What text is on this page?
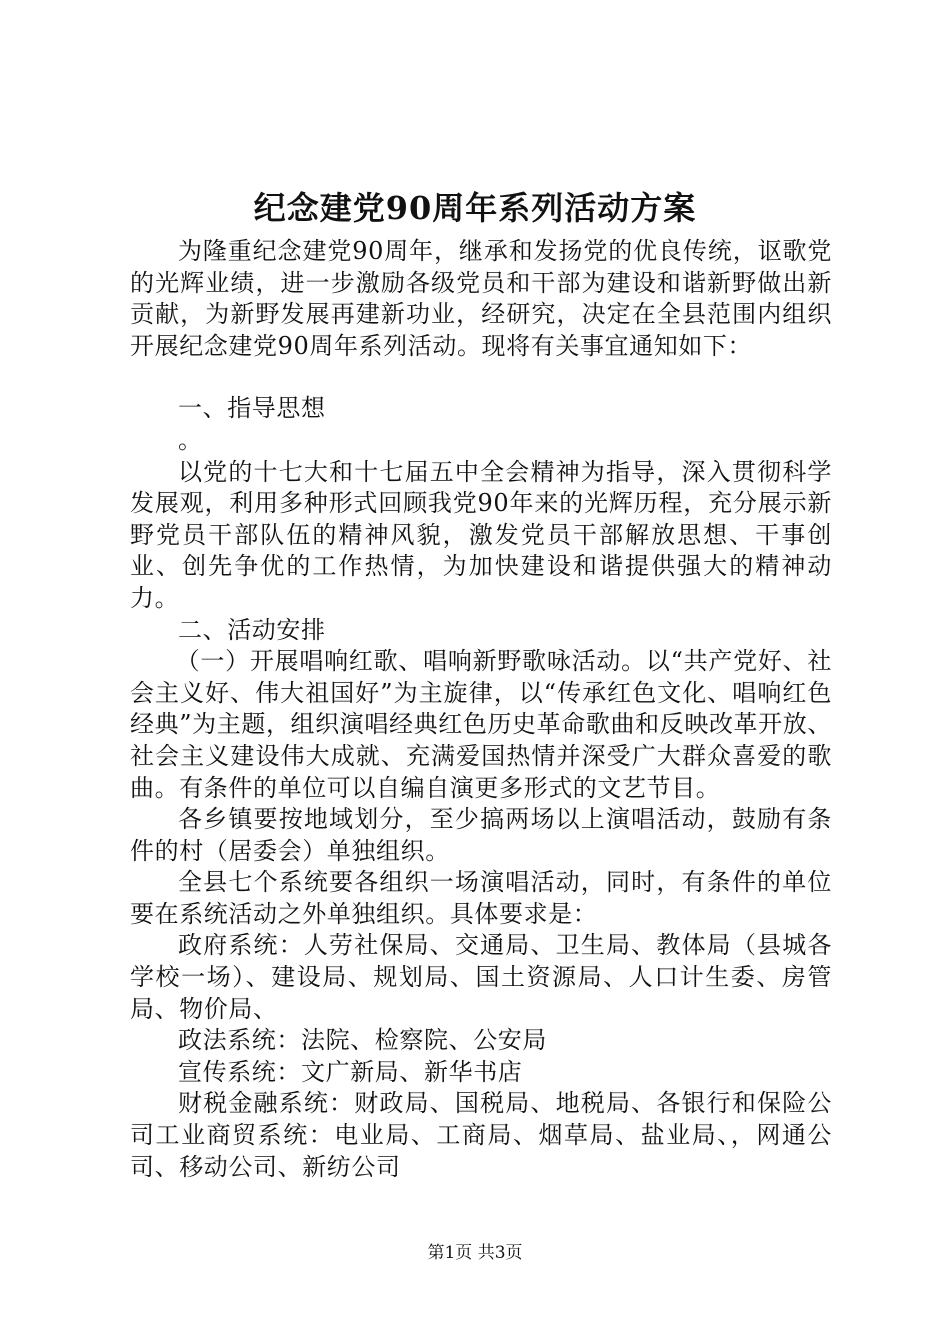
纪念建党90周年系列活动方案

为隆重纪念建党90周年，继承和发扬党的优良传统，讴歌党的光辉业绩，进一步激励各级党员和干部为建设和谐新野做出新贡献，为新野发展再建新功业，经研究，决定在全县范围内组织开展纪念建党90周年系列活动。现将有关事宜通知如下：

一、指导思想

。

以党的十七大和十七届五中全会精神为指导，深入贯彻科学发展观，利用多种形式回顾我党90年来的光辉历程，充分展示新野党员干部队伍的精神风貌，激发党员干部解放思想、干事创业、创先争优的工作热情，为加快建设和谐提供强大的精神动力。

二、活动安排

（一）开展唱响红歌、唱响新野歌咏活动。以“共产党好、社会主义好、伟大祖国好”为主旋律，以“传承红色文化、唱响红色经典”为主题，组织演唱经典红色历史革命歌曲和反映改革开放、社会主义建设伟大成就、充满爱国热情并深受广大群众喜爱的歌曲。有条件的单位可以自编自演更多形式的文艺节目。

各乡镇要按地域划分，至少搞两场以上演唱活动，鼓励有条件的村（居委会）单独组织。

全县七个系统要各组织一场演唱活动，同时，有条件的单位要在系统活动之外单独组织。具体要求是：

政府系统：人劳社保局、交通局、卫生局、教体局（县城各学校一场）、建设局、规划局、国土资源局、人口计生委、房管局、物价局、

政法系统：法院、检察院、公安局

宣传系统：文广新局、新华书店

财税金融系统：财政局、国税局、地税局、各银行和保险公司工业商贸系统：电业局、工商局、烟草局、盐业局、，网通公司、移动公司、新纺公司

第1页 共3页
